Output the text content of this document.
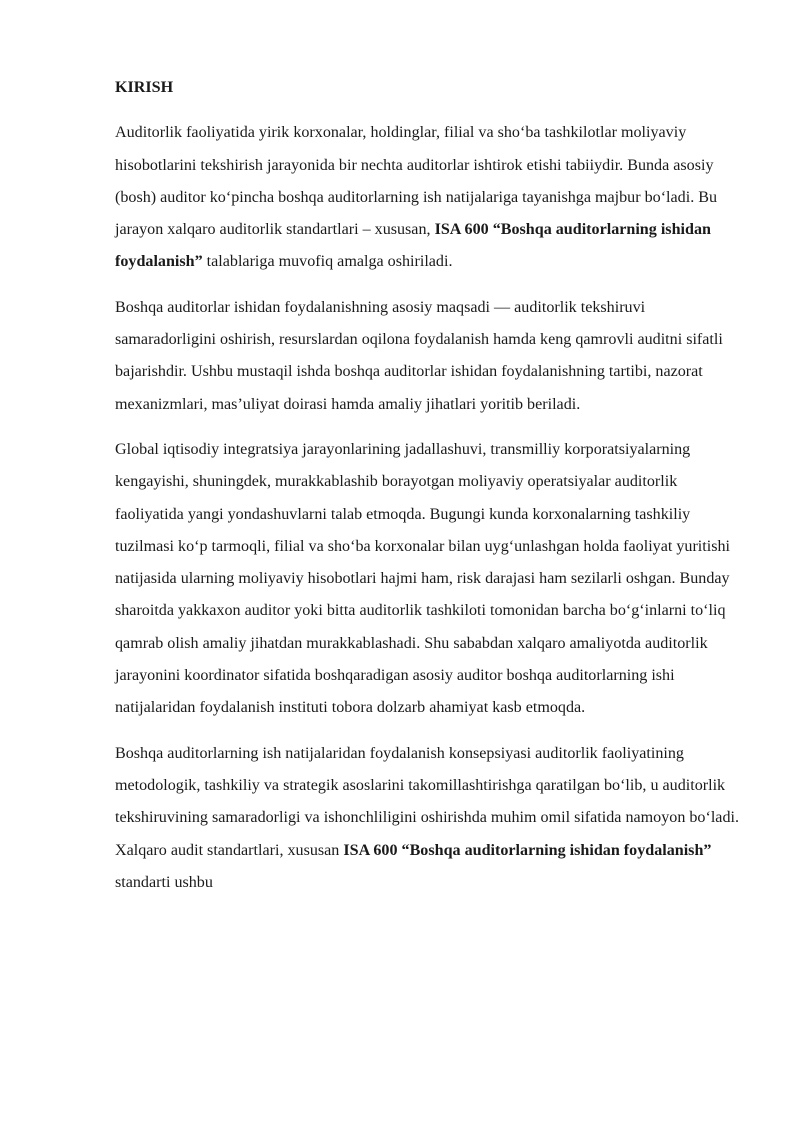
KIRISH

Auditorlik faoliyatida yirik korxonalar, holdinglar, filial va sho‘ba tashkilotlar moliyaviy hisobotlarini tekshirish jarayonida bir nechta auditorlar ishtirok etishi tabiiydir. Bunda asosiy (bosh) auditor ko‘pincha boshqa auditorlarning ish natijalariga tayanishga majbur bo‘ladi. Bu jarayon xalqaro auditorlik standartlari – xususan, ISA 600 “Boshqa auditorlarning ishidan foydalanish” talablariga muvofiq amalga oshiriladi.

Boshqa auditorlar ishidan foydalanishning asosiy maqsadi — auditorlik tekshiruvi samaradorligini oshirish, resurslardan oqilona foydalanish hamda keng qamrovli auditni sifatli bajarishdir. Ushbu mustaqil ishda boshqa auditorlar ishidan foydalanishning tartibi, nazorat mexanizmlari, mas’uliyat doirasi hamda amaliy jihatlari yoritib beriladi.

Global iqtisodiy integratsiya jarayonlarining jadallashuvi, transmilliy korporatsiyalarning kengayishi, shuningdek, murakkablashib borayotgan moliyaviy operatsiyalar auditorlik faoliyatida yangi yondashuvlarni talab etmoqda. Bugungi kunda korxonalarning tashkiliy tuzilmasi ko‘p tarmoqli, filial va sho‘ba korxonalar bilan uyg‘unlashgan holda faoliyat yuritishi natijasida ularning moliyaviy hisobotlari hajmi ham, risk darajasi ham sezilarli oshgan. Bunday sharoitda yakkaxon auditor yoki bitta auditorlik tashkiloti tomonidan barcha bo‘g‘inlarni to‘liq qamrab olish amaliy jihatdan murakkablashadi. Shu sababdan xalqaro amaliyotda auditorlik jarayonini koordinator sifatida boshqaradigan asosiy auditor boshqa auditorlarning ishi natijalaridan foydalanish instituti tobora dolzarb ahamiyat kasb etmoqda.

Boshqa auditorlarning ish natijalaridan foydalanish konsepsiyasi auditorlik faoliyatining metodologik, tashkiliy va strategik asoslarini takomillashtirishga qaratilgan bo‘lib, u auditorlik tekshiruvining samaradorligi va ishonchliligini oshirishda muhim omil sifatida namoyon bo‘ladi. Xalqaro audit standartlari, xususan ISA 600 “Boshqa auditorlarning ishidan foydalanish” standarti ushbu
